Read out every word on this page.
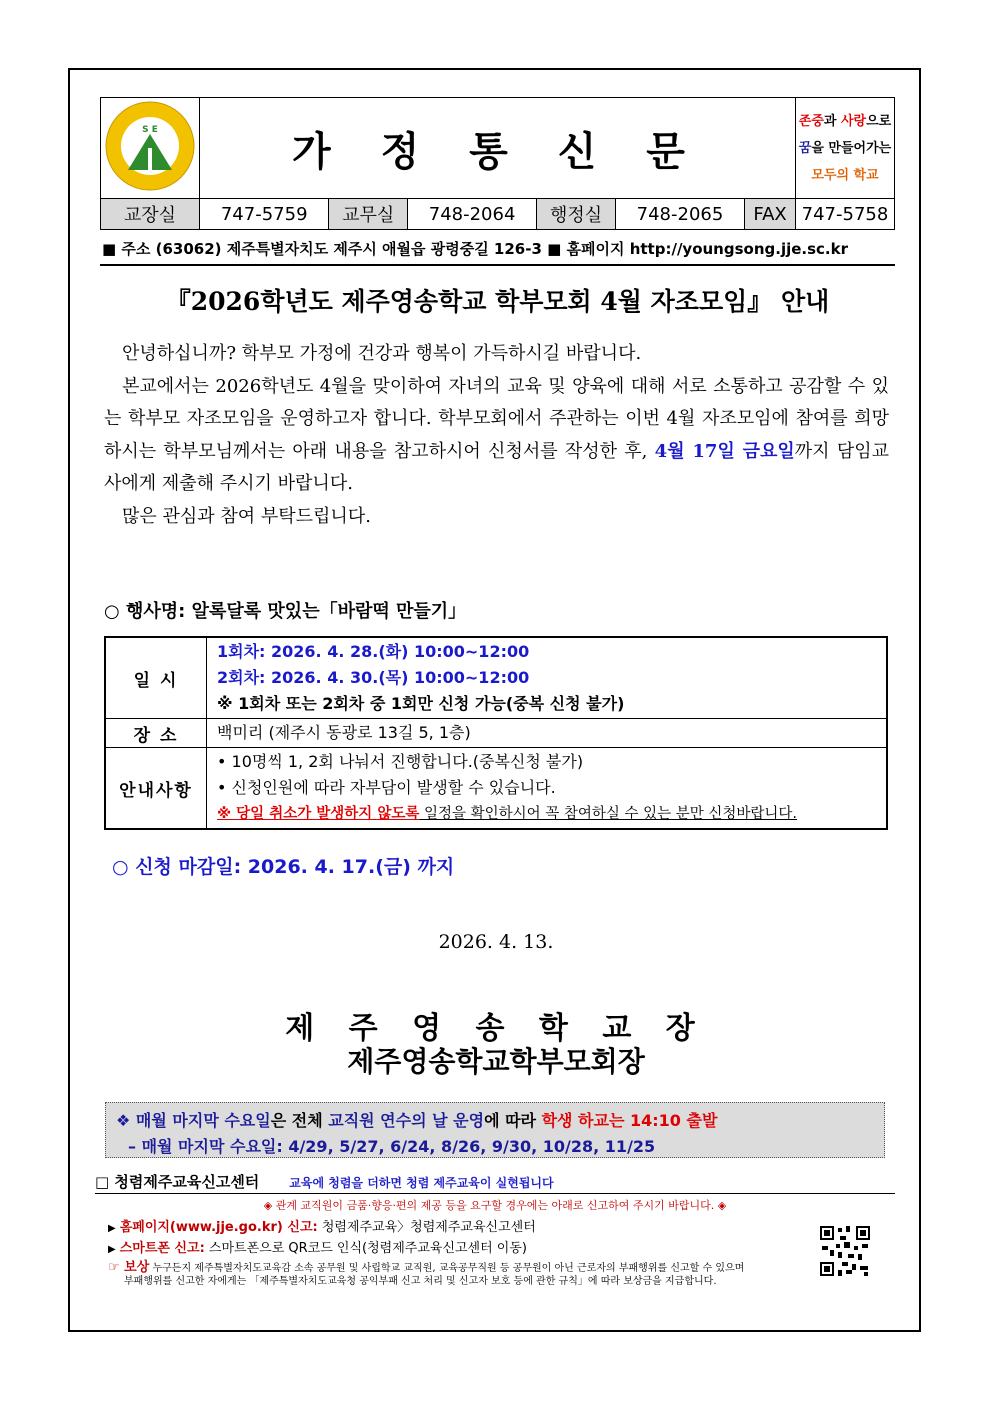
S E	가 정 통 신 문						존중과 사랑으로
꿈을 만들어가는
모두의 학교

교장실	747-5759	교무실	748-2064	행정실	748-2065	FAX	747-5758
■ 주소 (63062) 제주특별자치도 제주시 애월읍 광령중길 126-3 ■ 홈페이지 http://youngsong.jje.sc.kr
『2026학년도 제주영송학교 학부모회 4월 자조모임』 안내

안녕하십니까? 학부모 가정에 건강과 행복이 가득하시길 바랍니다.

본교에서는 2026학년도 4월을 맞이하여 자녀의 교육 및 양육에 대해 서로 소통하고 공감할 수 있는 학부모 자조모임을 운영하고자 합니다. 학부모회에서 주관하는 이번 4월 자조모임에 참여를 희망하시는 학부모님께서는 아래 내용을 참고하시어 신청서를 작성한 후, 4월 17일 금요일까지 담임교사에게 제출해 주시기 바랍니다.

많은 관심과 참여 부탁드립니다.

○ 행사명: 알록달록 맛있는「바람떡 만들기」
일 시	1회차: 2026. 4. 28.(화) 10:00~12:00
2회차: 2026. 4. 30.(목) 10:00~12:00
※ 1회차 또는 2회차 중 1회만 신청 가능(중복 신청 불가)

장 소	백미리 (제주시 동광로 13길 5, 1층)

안내사항	• 10명씩 1, 2회 나눠서 진행합니다.(중복신청 불가)
• 신청인원에 따라 자부담이 발생할 수 있습니다.
※ 당일 취소가 발생하지 않도록 일정을 확인하시어 꼭 참여하실 수 있는 분만 신청바랍니다.
○ 신청 마감일: 2026. 4. 17.(금) 까지
2026. 4. 13.
제 주 영 송 학 교 장
제주영송학교학부모회장
❖ 매월 마지막 수요일은 전체 교직원 연수의 날 운영에 따라 학생 하교는 14:10 출발
– 매월 마지막 수요일: 4/29, 5/27, 6/24, 8/26, 9/30, 10/28, 11/25
□ 청렴제주교육신고센터	교육에 청렴을 더하면 청렴 제주교육이 실현됩니다
◈ 관계 교직원이 금품·향응·편의 제공 등을 요구할 경우에는 아래로 신고하여 주시기 바랍니다. ◈
▶ 홈페이지(www.jje.go.kr) 신고: 청렴제주교육〉청렴제주교육신고센터
▶ 스마트폰 신고: 스마트폰으로 QR코드 인식(청렴제주교육신고센터 이동)
☞ 보상 누구든지 제주특별자치도교육감 소속 공무원 및 사립학교 교직원, 교육공무직원 등 공무원이 아닌 근로자의 부패행위를 신고할 수 있으며
부패행위를 신고한 자에게는 「제주특별자치도교육청 공익부패 신고 처리 및 신고자 보호 등에 관한 규칙」에 따라 보상금을 지급합니다.
